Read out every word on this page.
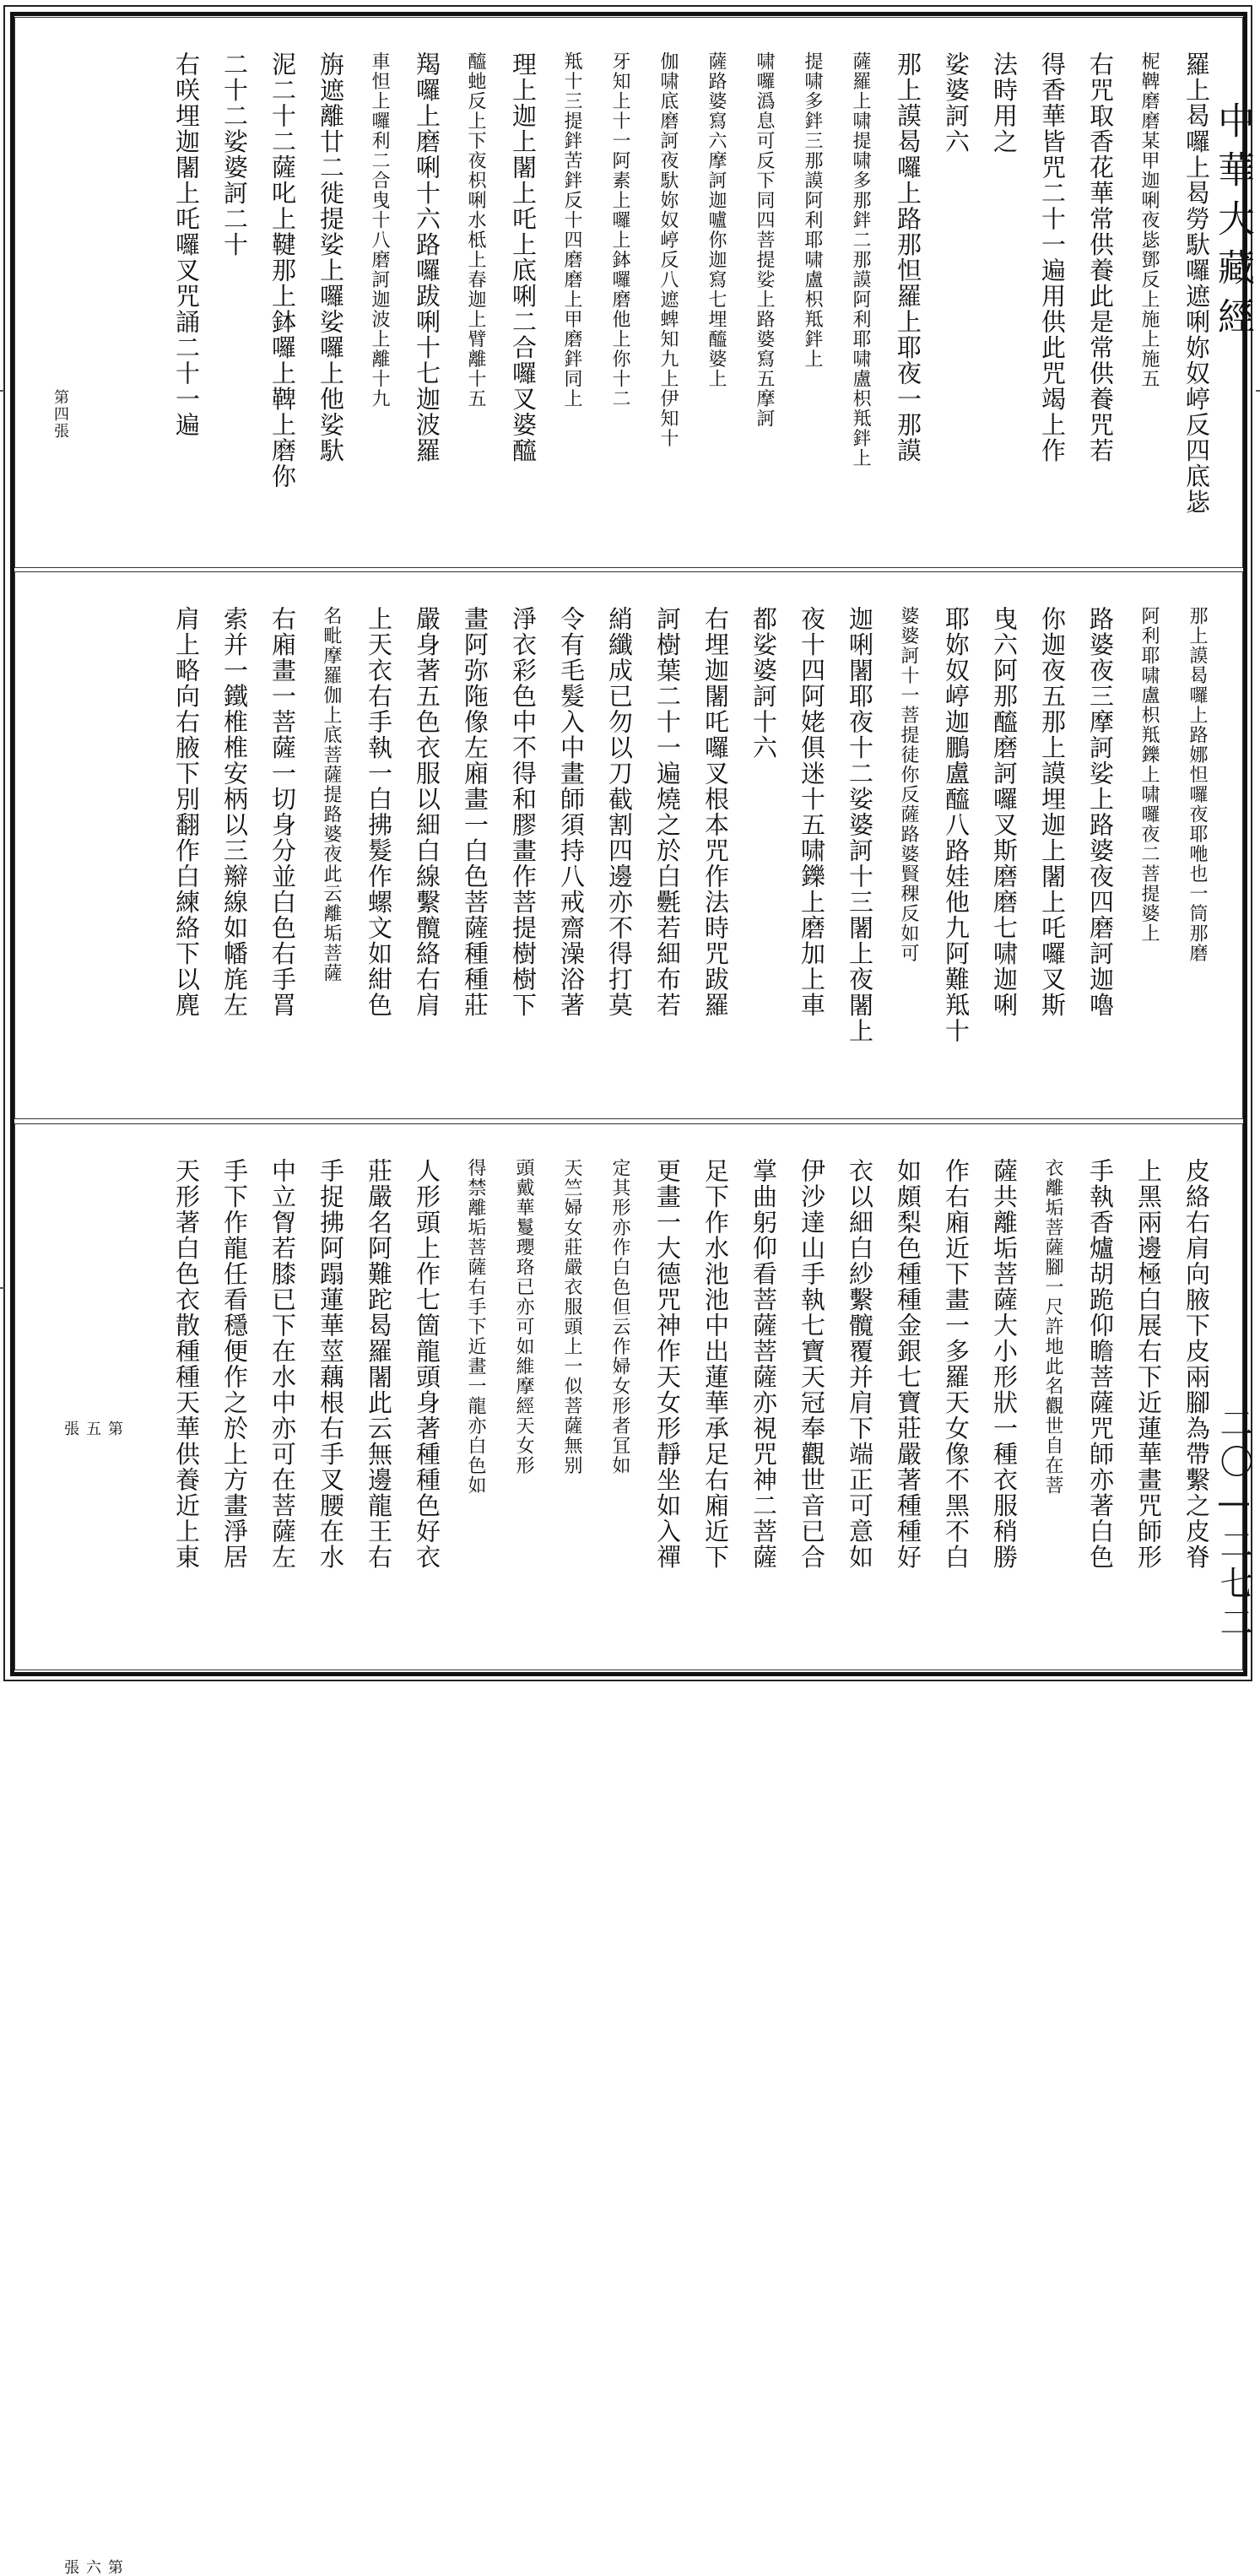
羅上曷囉上曷勞馱囉遮唎妳奴嵉反四底毖
柅鞞磨磨某甲迦唎夜毖鄧反上施上施五
右咒取香花華常供養此是常供養咒若
得香華皆咒二十一遍用供此咒竭上作
法時用之
娑婆訶六
那上謨曷囉上路那怛羅上耶夜一那謨
薩羅上啸提啸多那鉡二那謨阿利耶啸盧枳羝鉡上
提啸多鉡三那謨阿利耶啸盧枳羝鉡上
啸囉潙息可反下同四菩提娑上路婆寫五摩訶
薩路婆寫六摩訶迦嚧你迦寫七埋醯婆上
伽啸底磨訶夜馱妳奴嵉反八遮蜱知九上伊知十
牙知上十一阿素上囉上鉢囉磨他上你十二
羝十三提鉡苦鉡反十四磨磨上甲磨鉡同上
理上迦上闍上吒上底唎二合囉叉婆醯
醯虵反上下夜枳唎水柢上春迦上臂離十五
羯囉上磨唎十六路囉跋唎十七迦波羅
車怛上囉利二合曳十八磨訶迦波上離十九
旃遮離廿二徙提娑上囉娑囉上他娑馱
泥二十二薩叱上鞬那上鉢囉上鞞上磨你
二十二娑婆訶二十
右咲埋迦闍上吒囉叉咒誦二十一遍
第四張
那上謨曷囉上路娜怛囉夜耶咃也一筒那磨
阿利耶啸盧枳羝鑠上啸囉夜二菩提婆上
路婆夜三摩訶娑上路婆夜四磨訶迦嚕
你迦夜五那上謨埋迦上闍上吒囉叉斯
曳六阿那醯磨訶囉叉斯磨磨七啸迦唎
耶妳奴嵉迦鵬盧醯八路娃他九阿難羝十
婆婆訶十一菩提徒你反薩路婆賢稞反如可
迦唎闍耶夜十二娑婆訶十三闍上夜闍上
夜十四阿姥俱迷十五啸鑠上磨加上車
都娑婆訶十六
右埋迦闍吒囉叉根本咒作法時咒跋羅
訶樹葉二十一遍燒之於白氎若細布若
綃纖成已勿以刀截割四邊亦不得打莫
令有毛髮入中畫師須持八戒齋澡浴著
淨衣彩色中不得和膠畫作菩提樹樹下
畫阿弥陁像左廂畫一白色菩薩種種莊
嚴身著五色衣服以細白線繫髖絡右肩
上天衣右手執一白拂髮作螺文如紺色
名毗摩羅伽上底菩薩提路婆夜此云離垢菩薩
右廂畫一菩薩一切身分並白色右手罥
索并一鐵椎椎安柄以三辮線如幡旄左
肩上略向右腋下別翻作白練絡下以麂
第五張	皮絡右肩向腋下皮兩腳為帶繫之皮脊
上黑兩邊極白展右下近蓮華畫咒師形
手執香爐胡跪仰瞻菩薩咒師亦著白色
衣離垢菩薩腳一尺許地此名觀世自在菩
薩共離垢菩薩大小形狀一種衣服稍勝
作右廂近下畫一多羅天女像不黑不白
如頗梨色種種金銀七寶莊嚴著種種好
衣以細白紗繫髖覆并肩下端正可意如
伊沙達山手執七寶天冠奉觀世音已合
掌曲躬仰看菩薩菩薩亦視咒神二菩薩
足下作水池池中出蓮華承足右廂近下
更畫一大德咒神作天女形靜坐如入禪
定其形亦作白色但云作婦女形者冝如
天竺婦女莊嚴衣服頭上一似菩薩無别
頭戴華鬘瓔珞已亦可如維摩經天女形
得禁離垢菩薩右手下近畫一龍亦白色如
人形頭上作七箇龍頭身著種種色好衣
莊嚴名阿難跎曷羅闍此云無邊龍王右
手捉拂阿蹋蓮華莖藕根右手叉腰在水
中立胷若膝已下在水中亦可在菩薩左
手下作龍任看穩便作之於上方畫淨居
天形著白色衣散種種天華供養近上東
第六張
中華大藏經
二〇—二七二
